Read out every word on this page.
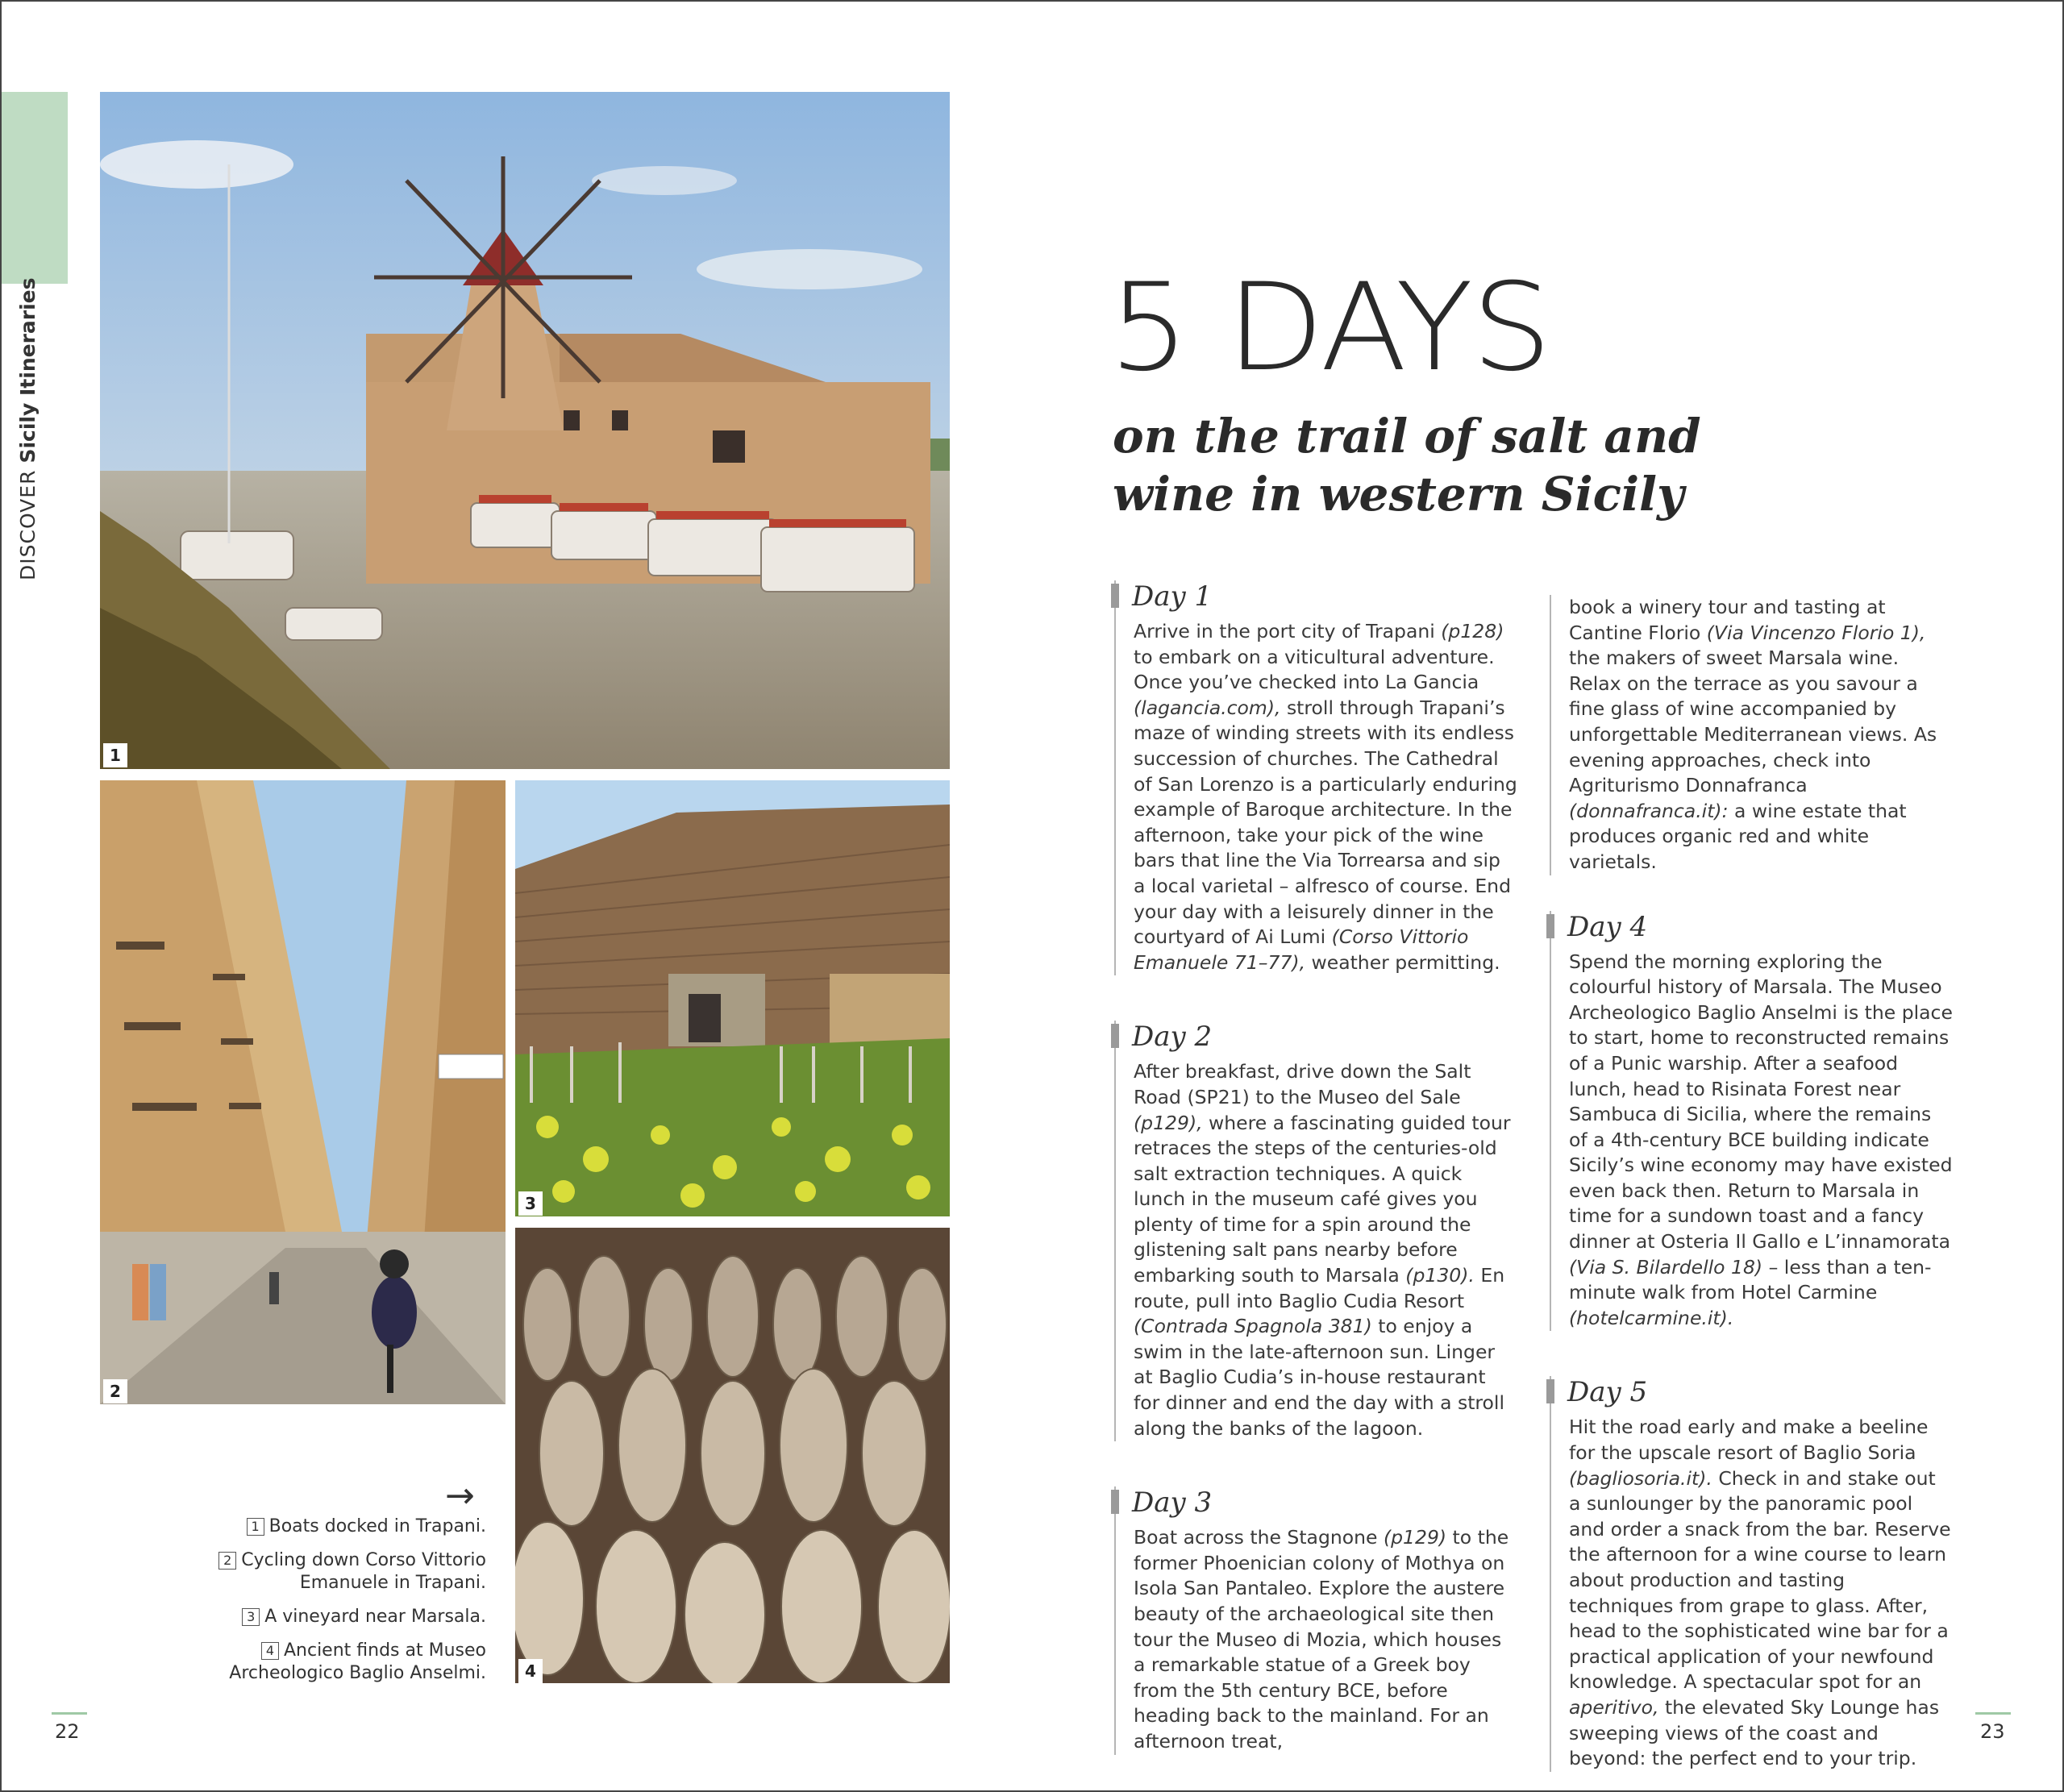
DISCOVERSicily Itineraries
1
2
3
4
→
1 Boats docked in Trapani.
2 Cycling down Corso Vittorio Emanuele in Trapani.
3 A vineyard near Marsala.
4 Ancient finds at Museo Archeologico Baglio Anselmi.
5 DAYS
on the trail of salt and wine in western Sicily
Day 1

Arrive in the port city of Trapani (p128) to embark on a viticultural adventure. Once you’ve checked into La Gancia (lagancia.com), stroll through Trapani’s maze of winding streets with its endless succession of churches. The Cathedral of San Lorenzo is a particularly enduring example of Baroque architecture. In the afternoon, take your pick of the wine bars that line the Via Torrearsa and sip a local varietal – alfresco of course. End your day with a leisurely dinner in the courtyard of Ai Lumi (Corso Vittorio Emanuele 71–77), weather permitting.

Day 2

After breakfast, drive down the Salt Road (SP21) to the Museo del Sale (p129), where a fascinating guided tour retraces the steps of the centuries-old salt extraction techniques. A quick lunch in the museum café gives you plenty of time for a spin around the glistening salt pans nearby before embarking south to Marsala (p130). En route, pull into Baglio Cudia Resort (Contrada Spagnola 381) to enjoy a swim in the late-afternoon sun. Linger at Baglio Cudia’s in-house restaurant for dinner and end the day with a stroll along the banks of the lagoon.

Day 3

Boat across the Stagnone (p129) to the former Phoenician colony of Mothya on Isola San Pantaleo. Explore the austere beauty of the archaeological site then tour the Museo di Mozia, which houses a remarkable statue of a Greek boy from the 5th century BCE, before heading back to the mainland. For an afternoon treat,

book a winery tour and tasting at Cantine Florio (Via Vincenzo Florio 1), the makers of sweet Marsala wine. Relax on the terrace as you savour a fine glass of wine accompanied by unforgettable Mediterranean views. As evening approaches, check into Agriturismo Donnafranca (donnafranca.it): a wine estate that produces organic red and white varietals.

Day 4

Spend the morning exploring the colourful history of Marsala. The Museo Archeologico Baglio Anselmi is the place to start, home to reconstructed remains of a Punic warship. After a seafood lunch, head to Risinata Forest near Sambuca di Sicilia, where the remains of a 4th-century BCE building indicate Sicily’s wine economy may have existed even back then. Return to Marsala in time for a sundown toast and a fancy dinner at Osteria Il Gallo e L’innamorata (Via S. Bilardello 18) – less than a ten-minute walk from Hotel Carmine (hotelcarmine.it).

Day 5

Hit the road early and make a beeline for the upscale resort of Baglio Soria (bagliosoria.it). Check in and stake out a sunlounger by the panoramic pool and order a snack from the bar. Reserve the afternoon for a wine course to learn about production and tasting techniques from grape to glass. After, head to the sophisticated wine bar for a practical application of your newfound knowledge. A spectacular spot for an aperitivo, the elevated Sky Lounge has sweeping views of the coast and beyond: the perfect end to your trip.

22	23
